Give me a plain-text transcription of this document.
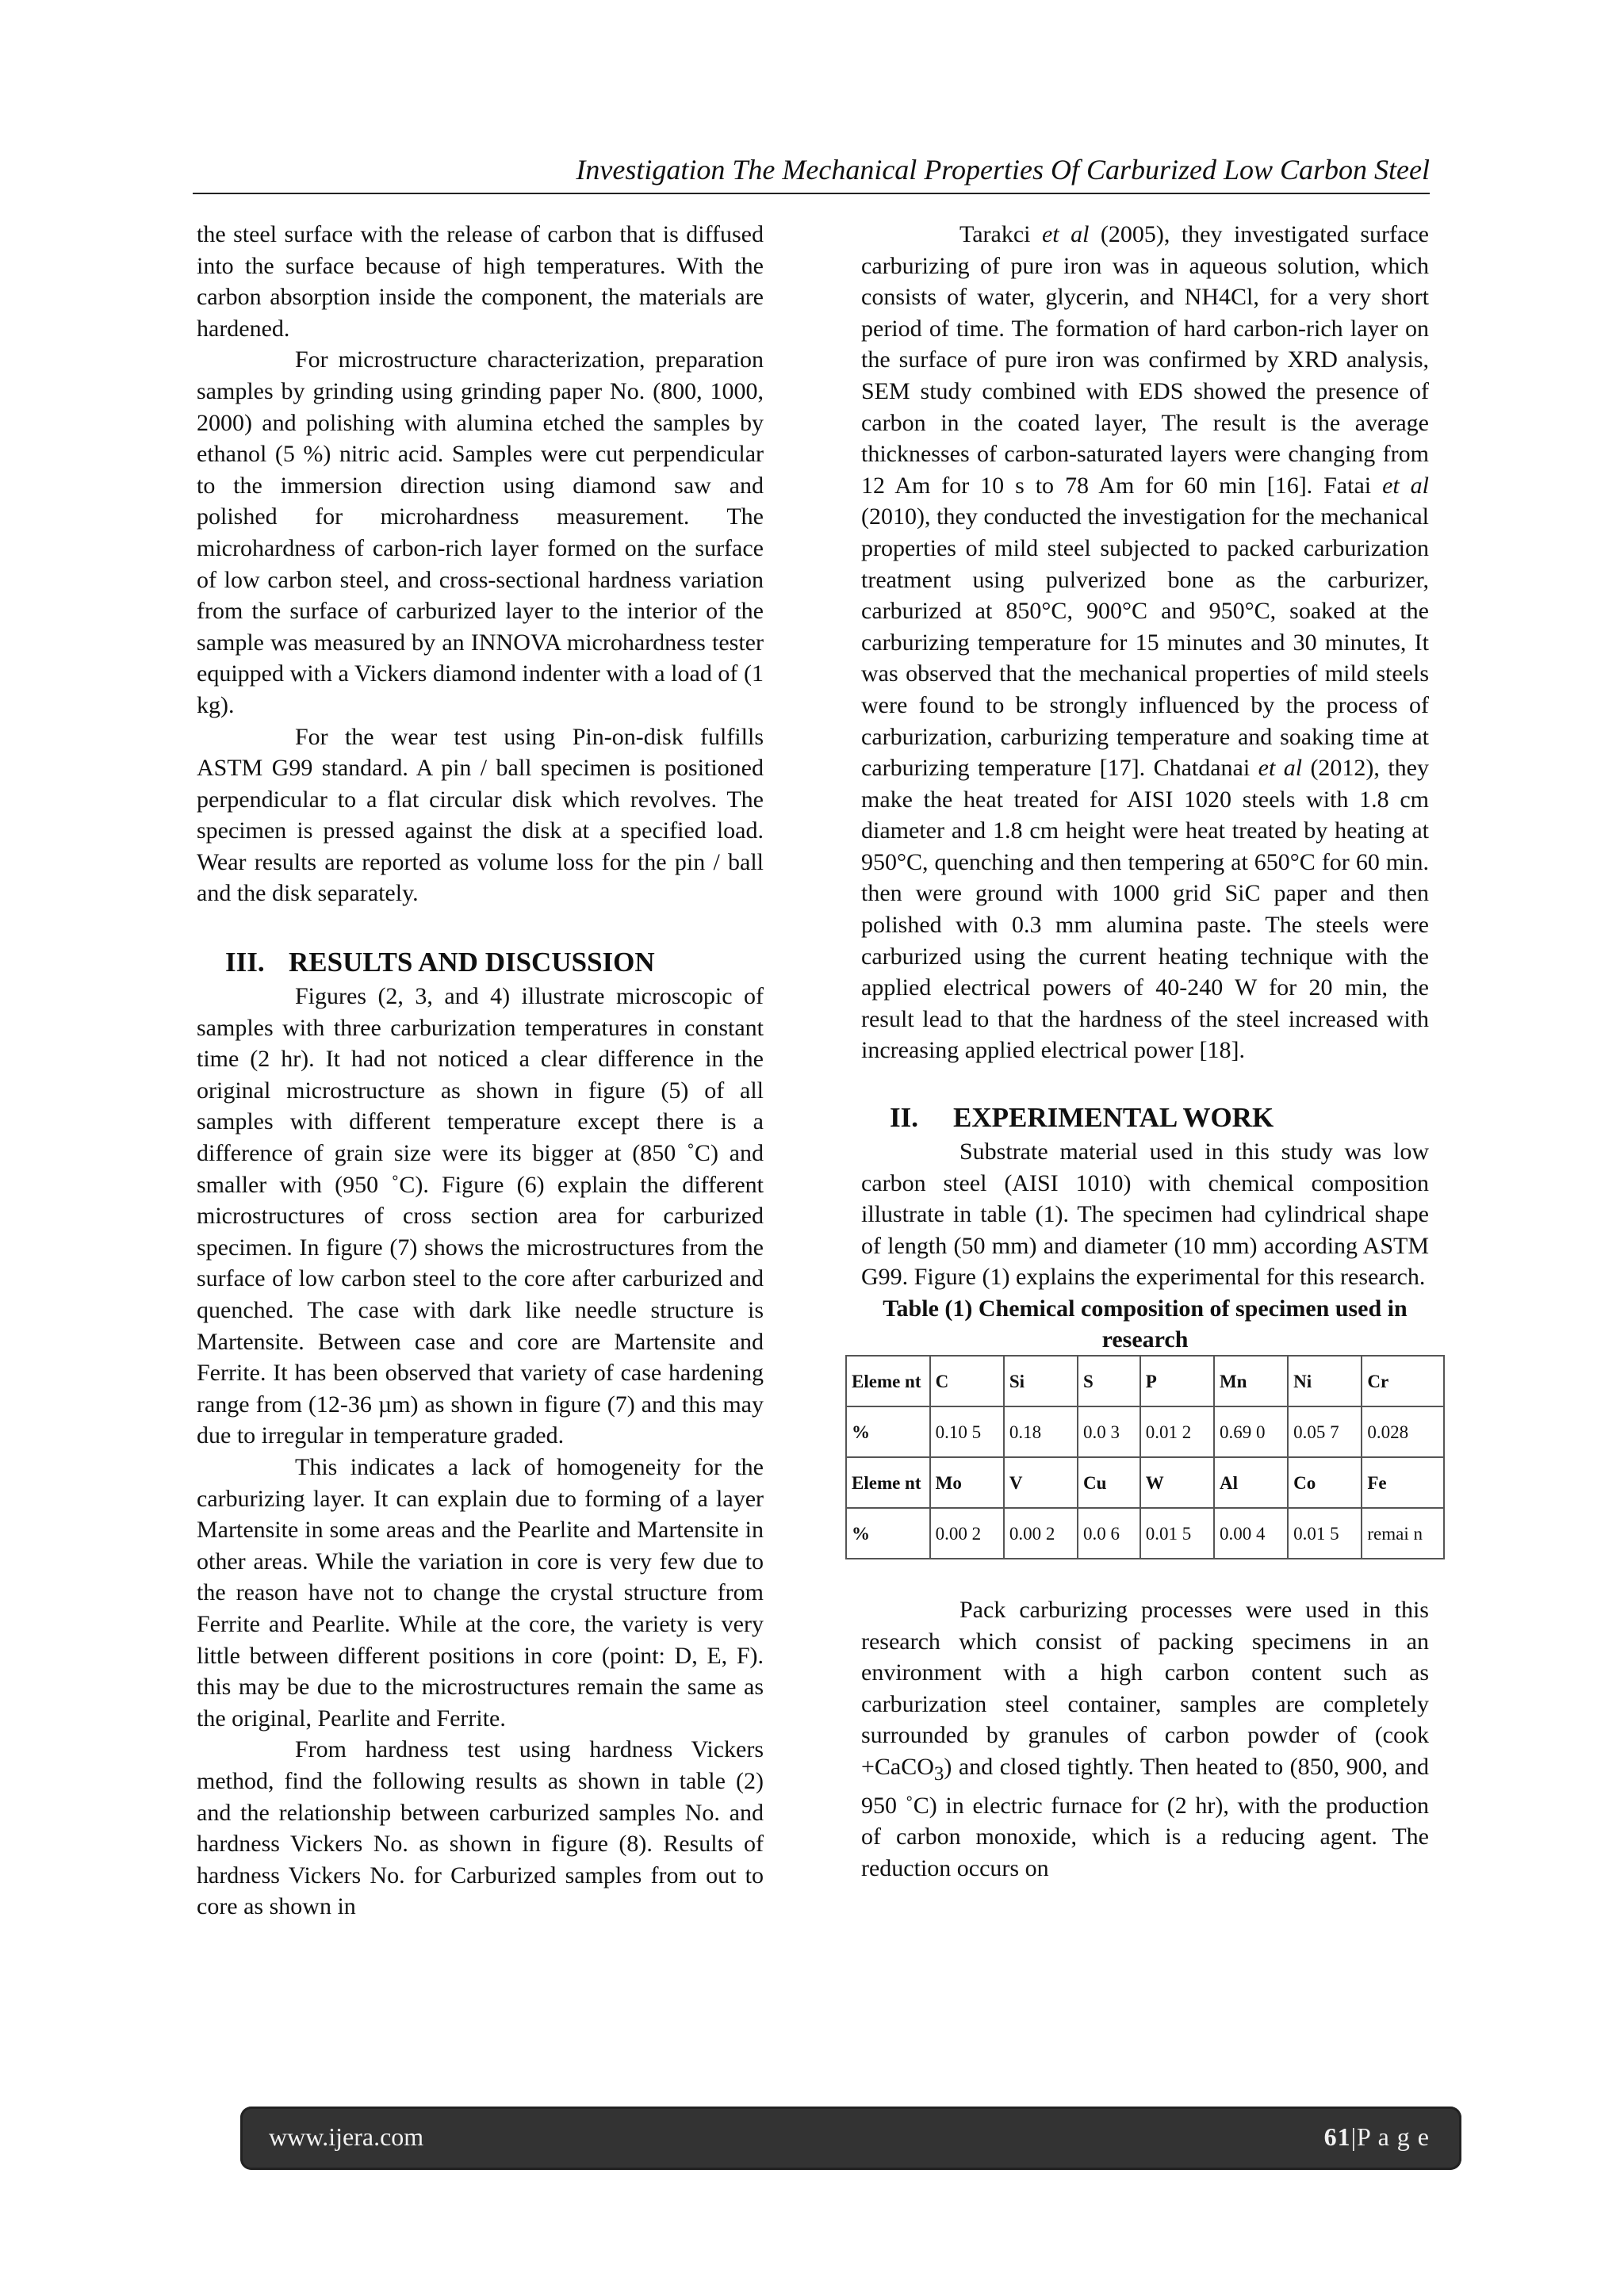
Investigation The Mechanical Properties Of Carburized Low Carbon Steel

the steel surface with the release of carbon that is diffused into the surface because of high temperatures. With the carbon absorption inside the component, the materials are hardened.

For microstructure characterization, preparation samples by grinding using grinding paper No. (800, 1000, 2000) and polishing with alumina etched the samples by ethanol (5 %) nitric acid. Samples were cut perpendicular to the immersion direction using diamond saw and polished for microhardness measurement. The microhardness of carbon-rich layer formed on the surface of low carbon steel, and cross-sectional hardness variation from the surface of carburized layer to the interior of the sample was measured by an INNOVA microhardness tester equipped with a Vickers diamond indenter with a load of (1 kg).

For the wear test using Pin-on-disk fulfills ASTM G99 standard. A pin / ball specimen is positioned perpendicular to a flat circular disk which revolves. The specimen is pressed against the disk at a specified load. Wear results are reported as volume loss for the pin / ball and the disk separately.

III. RESULTS AND DISCUSSION

Figures (2, 3, and 4) illustrate microscopic of samples with three carburization temperatures in constant time (2 hr). It had not noticed a clear difference in the original microstructure as shown in figure (5) of all samples with different temperature except there is a difference of grain size were its bigger at (850 ˚C) and smaller with (950 ˚C). Figure (6) explain the different microstructures of cross section area for carburized specimen. In figure (7) shows the microstructures from the surface of low carbon steel to the core after carburized and quenched. The case with dark like needle structure is Martensite. Between case and core are Martensite and Ferrite. It has been observed that variety of case hardening range from (12-36 µm) as shown in figure (7) and this may due to irregular in temperature graded.

This indicates a lack of homogeneity for the carburizing layer. It can explain due to forming of a layer Martensite in some areas and the Pearlite and Martensite in other areas. While the variation in core is very few due to the reason have not to change the crystal structure from Ferrite and Pearlite. While at the core, the variety is very little between different positions in core (point: D, E, F). this may be due to the microstructures remain the same as the original, Pearlite and Ferrite.

From hardness test using hardness Vickers method, find the following results as shown in table (2) and the relationship between carburized samples No. and hardness Vickers No. as shown in figure (8). Results of hardness Vickers No. for Carburized samples from out to core as shown in

Tarakci et al (2005), they investigated surface carburizing of pure iron was in aqueous solution, which consists of water, glycerin, and NH4Cl, for a very short period of time. The formation of hard carbon-rich layer on the surface of pure iron was confirmed by XRD analysis, SEM study combined with EDS showed the presence of carbon in the coated layer, The result is the average thicknesses of carbon-saturated layers were changing from 12 Am for 10 s to 78 Am for 60 min [16]. Fatai et al (2010), they conducted the investigation for the mechanical properties of mild steel subjected to packed carburization treatment using pulverized bone as the carburizer, carburized at 850°C, 900°C and 950°C, soaked at the carburizing temperature for 15 minutes and 30 minutes, It was observed that the mechanical properties of mild steels were found to be strongly influenced by the process of carburization, carburizing temperature and soaking time at carburizing temperature [17]. Chatdanai et al (2012), they make the heat treated for AISI 1020 steels with 1.8 cm diameter and 1.8 cm height were heat treated by heating at 950°C, quenching and then tempering at 650°C for 60 min. then were ground with 1000 grid SiC paper and then polished with 0.3 mm alumina paste. The steels were carburized using the current heating technique with the applied electrical powers of 40-240 W for 20 min, the result lead to that the hardness of the steel increased with increasing applied electrical power [18].

II. EXPERIMENTAL WORK

Substrate material used in this study was low carbon steel (AISI 1010) with chemical composition illustrate in table (1). The specimen had cylindrical shape of length (50 mm) and diameter (10 mm) according ASTM G99. Figure (1) explains the experimental for this research.

Table (1) Chemical composition of specimen used in research

Eleme nt	C	Si	S	P	Mn	Ni	Cr
%	0.10 5	0.18	0.0 3	0.01 2	0.69 0	0.05 7	0.028
Eleme nt	Mo	V	Cu	W	Al	Co	Fe
%	0.00 2	0.00 2	0.0 6	0.01 5	0.00 4	0.01 5	remai n

Pack carburizing processes were used in this research which consist of packing specimens in an environment with a high carbon content such as carburization steel container, samples are completely surrounded by granules of carbon powder of (cook +CaCO$_3$) and closed tightly. Then heated to (850, 900, and 950 ˚C) in electric furnace for (2 hr), with the production of carbon monoxide, which is a reducing agent. The reduction occurs on

www.ijera.com	61|P a g e
